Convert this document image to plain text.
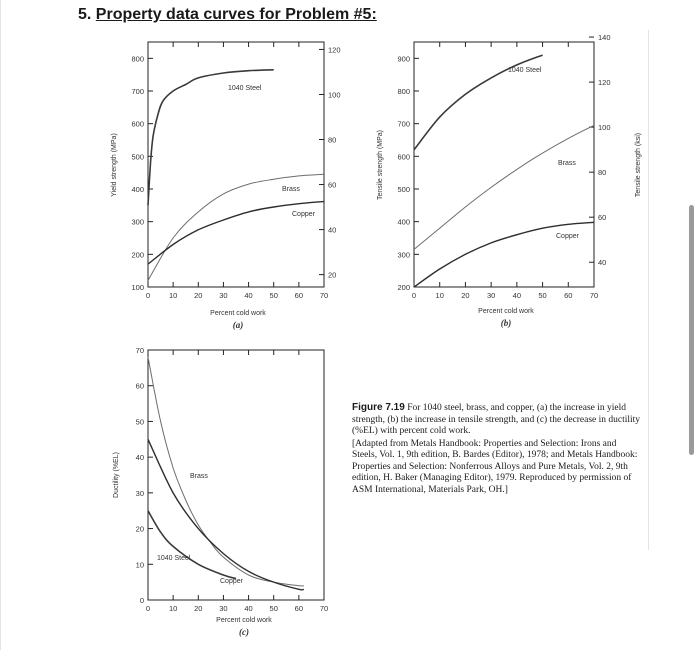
5. Property data curves for Problem #5:
0	10 20 30 40 50 60 70
100
200
300
400
500
600
700
800
20
40
60
80
100
120
1040 Steel
Brass
Copper
Percent cold work
(a)
Yield strength (MPa)
0	10 20 30 40 50 60 70
200
300
400
500
600
700
800
900
40
60
80
100
120
140
1040 Steel
Brass
Copper
Percent cold work
(b)
Tensile strength (MPa)	Tensile strength (ksi)
0	10 20 30 40 50 60 70
0
10
20
30
40
50
60
70
Brass
1040 Steel
Copper
Percent cold work
(c)
Ductility (%EL)

Figure 7.19 For 1040 steel, brass, and copper, (a) the increase in yield strength, (b) the increase in tensile strength, and (c) the decrease in ductility (%EL) with percent cold work.

[Adapted from Metals Handbook: Properties and Selection: Irons and Steels, Vol. 1, 9th edition, B. Bardes (Editor), 1978; and Metals Handbook: Properties and Selection: Nonferrous Alloys and Pure Metals, Vol. 2, 9th edition, H. Baker (Managing Editor), 1979. Reproduced by permission of ASM International, Materials Park, OH.]
